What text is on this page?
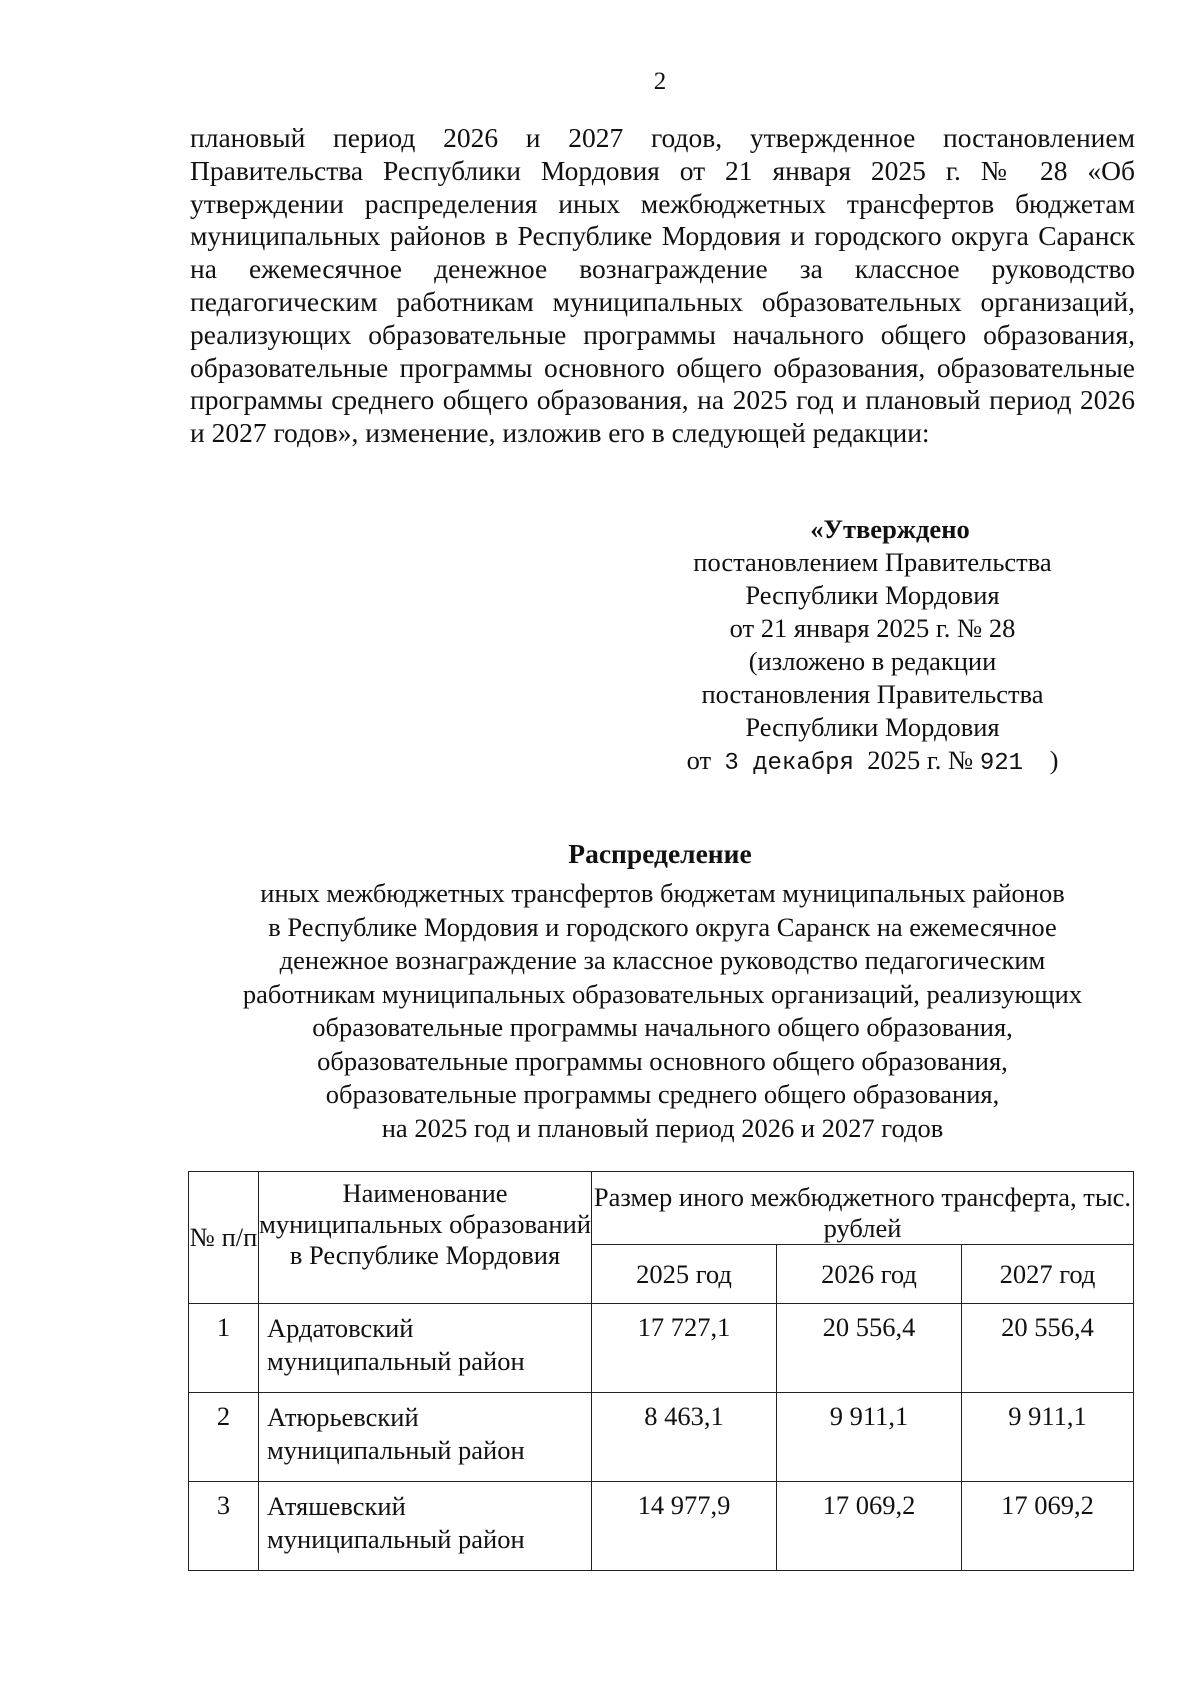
2
плановый период 2026 и 2027 годов, утвержденное постановлением Правительства Республики Мордовия от 21 января 2025 г. № 28 «Об утверждении распределения иных межбюджетных трансфертов бюджетам муниципальных районов в Республике Мордовия и городского округа Саранск на ежемесячное денежное вознаграждение за классное руководство педагогическим работникам муниципальных образовательных организаций, реализующих образовательные программы начального общего образования, образовательные программы основного общего образования, образовательные программы среднего общего образования, на 2025 год и плановый период 2026 и 2027 годов», изменение, изложив его в следующей редакции:
«Утверждено
постановлением Правительства
Республики Мордовия
от 21 января 2025 г. № 28
(изложено в редакции
постановления Правительства
Республики Мордовия
от 3 декабря 2025 г. № 921 )
Распределение
иных межбюджетных трансфертов бюджетам муниципальных районов
в Республике Мордовия и городского округа Саранск на ежемесячное
денежное вознаграждение за классное руководство педагогическим
работникам муниципальных образовательных организаций, реализующих
образовательные программы начального общего образования,
образовательные программы основного общего образования,
образовательные программы среднего общего образования,
на 2025 год и плановый период 2026 и 2027 годов
№ п/п	Наименование муниципальных образований в Республике Мордовия	Размер иного межбюджетного трансферта, тыс. рублей		
		2025 год	2026 год	2027 год
1	Ардатовский муниципальный район	17 727,1	20 556,4	20 556,4
2	Атюрьевский муниципальный район	8 463,1	9 911,1	9 911,1
3	Атяшевский муниципальный район	14 977,9	17 069,2	17 069,2
